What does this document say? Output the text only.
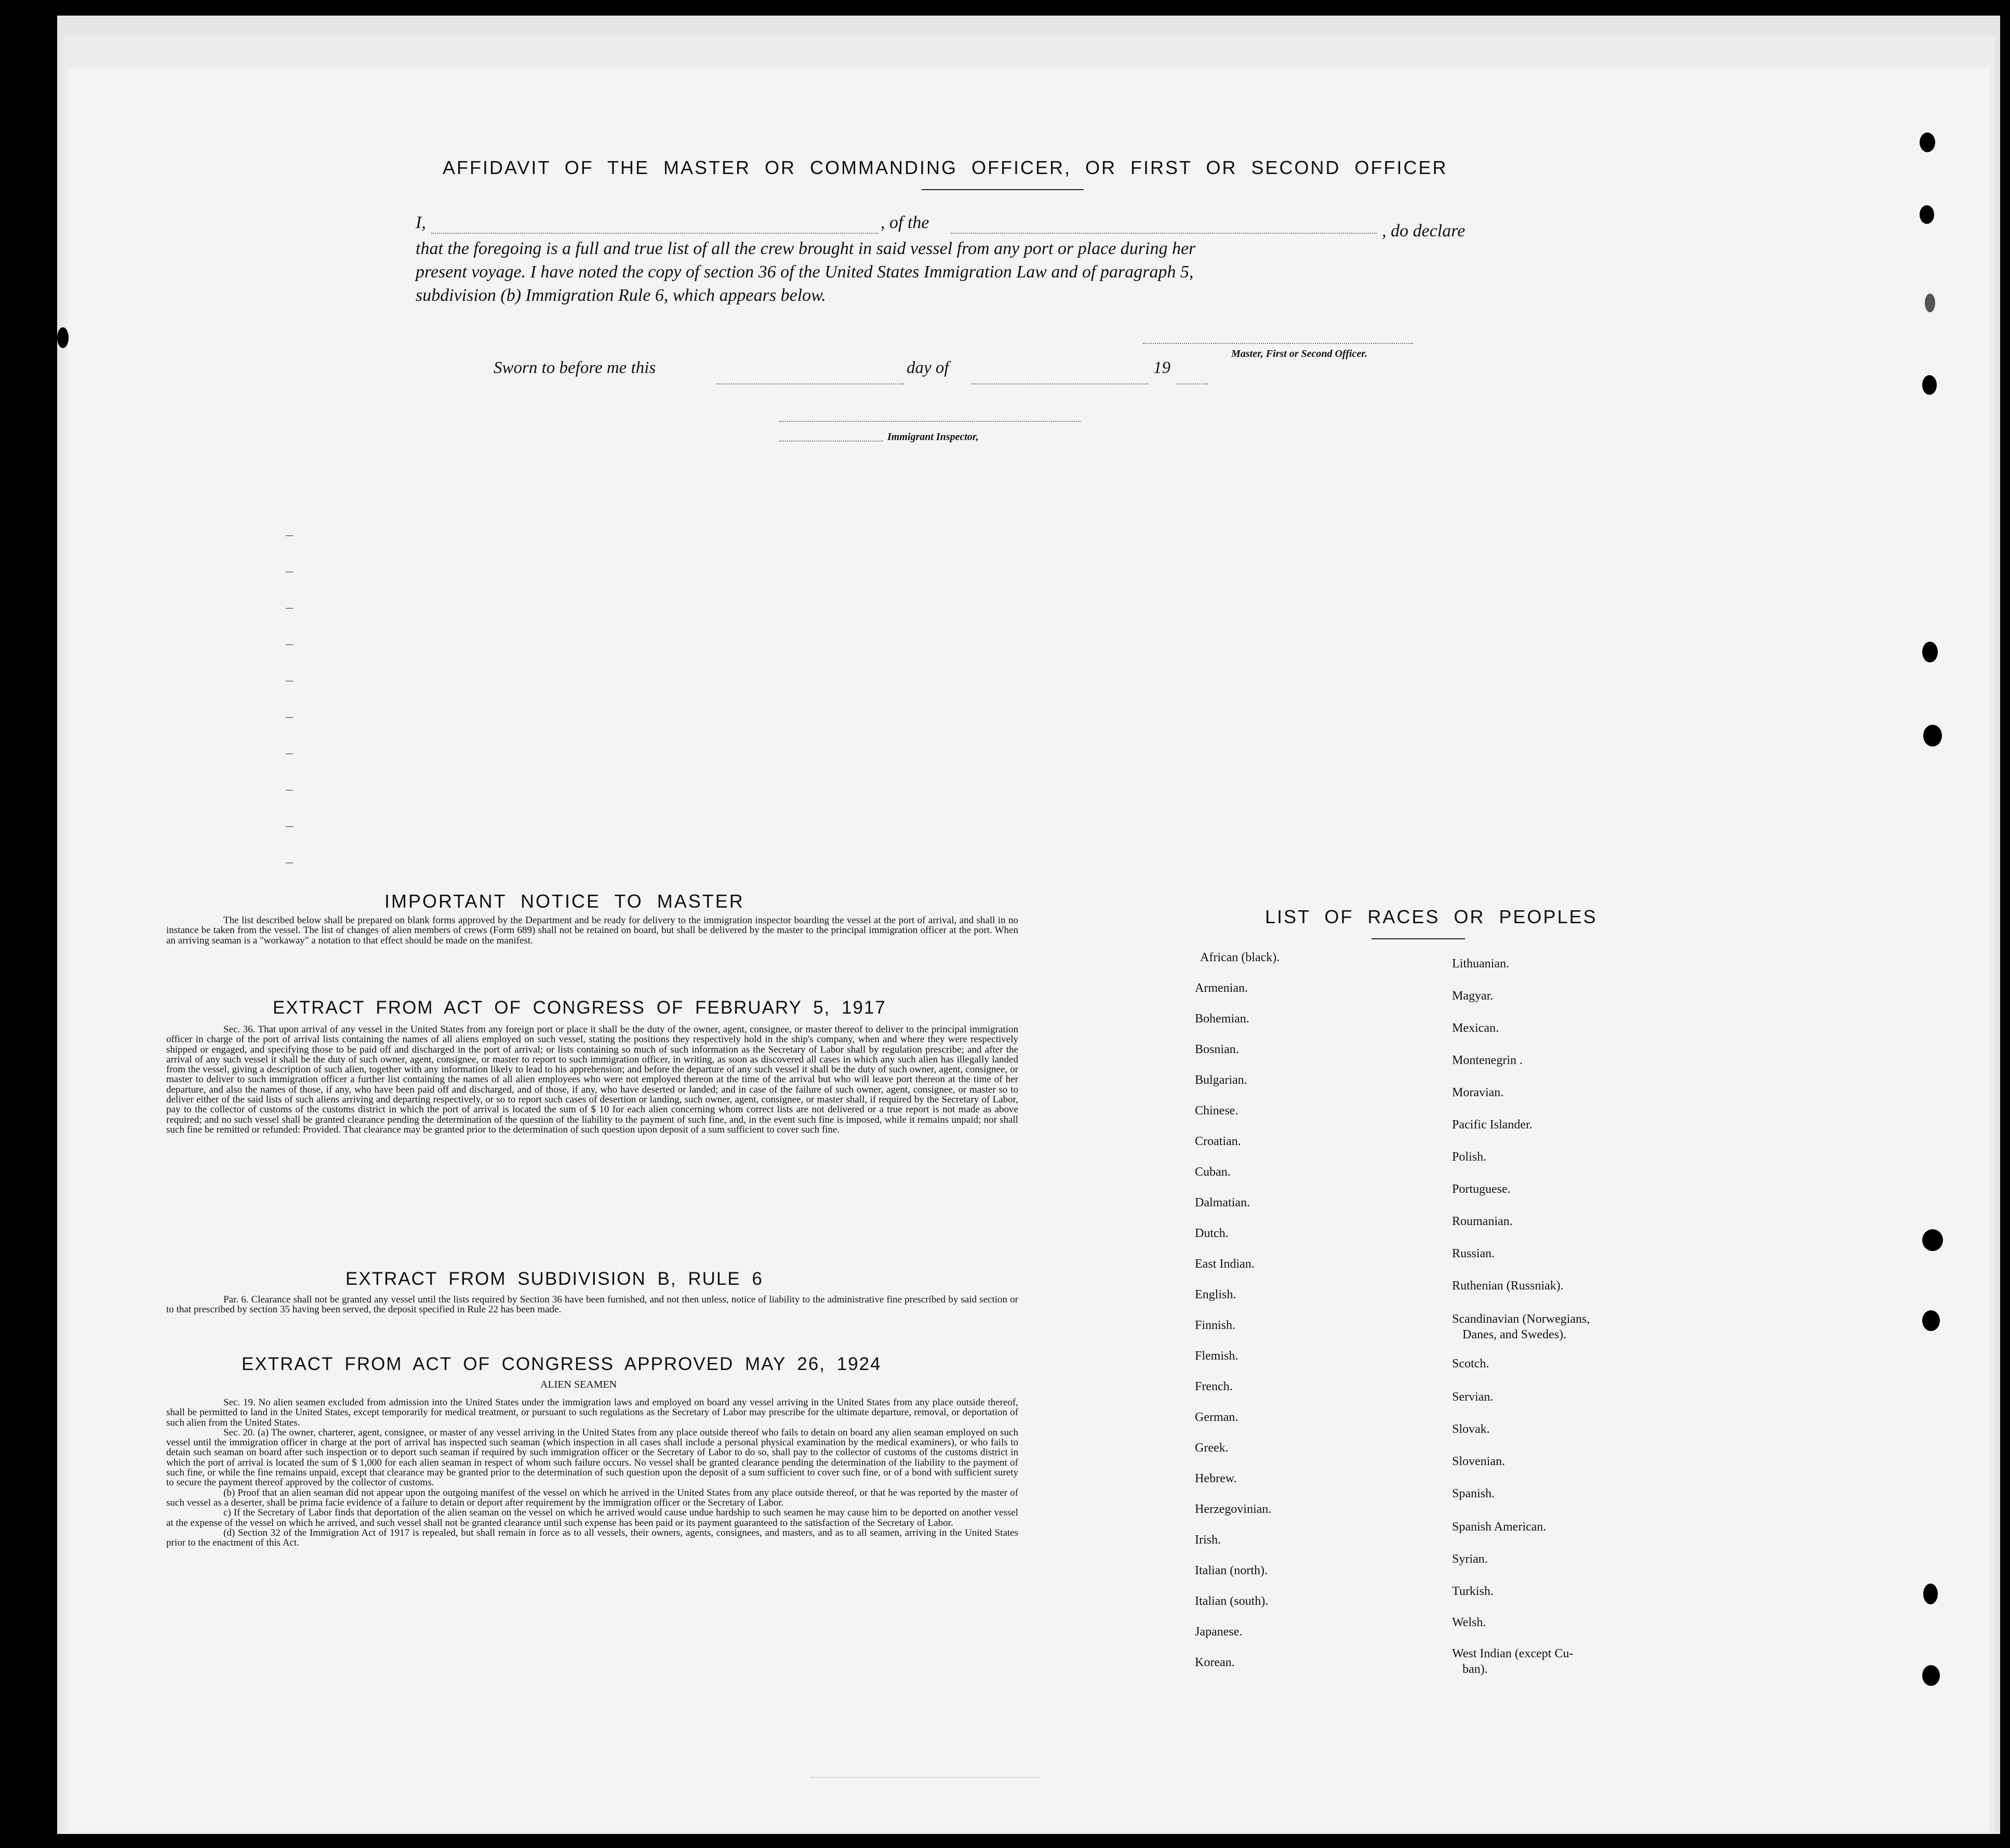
AFFIDAVIT OF THE MASTER OR COMMANDING OFFICER, OR FIRST OR SECOND OFFICER
I,	, of the	, do declare
that the foregoing is a full and true list of all the crew brought in said vessel from any port or place during her
present voyage. I have noted the copy of section 36 of the United States Immigration Law and of paragraph 5,
subdivision (b) Immigration Rule 6, which appears below.
Master, First or Second Officer.
Sworn to before me this	day of	19
Immigrant Inspector,
IMPORTANT NOTICE TO MASTER

The list described below shall be prepared on blank forms approved by the Department and be ready for delivery to the immigration inspector boarding the vessel at the port of arrival, and shall in no instance be taken from the vessel. The list of changes of alien members of crews (Form 689) shall not be retained on board, but shall be delivered by the master to the principal immigration officer at the port. When an arriving seaman is a "workaway" a notation to that effect should be made on the manifest.

EXTRACT FROM ACT OF CONGRESS OF FEBRUARY 5, 1917

Sec. 36. That upon arrival of any vessel in the United States from any foreign port or place it shall be the duty of the owner, agent, consignee, or master thereof to deliver to the principal immigration officer in charge of the port of arrival lists containing the names of all aliens employed on such vessel, stating the positions they respectively hold in the ship's company, when and where they were respectively shipped or engaged, and specifying those to be paid off and discharged in the port of arrival; or lists containing so much of such information as the Secretary of Labor shall by regulation prescribe; and after the arrival of any such vessel it shall be the duty of such owner, agent, consignee, or master to report to such immigration officer, in writing, as soon as discovered all cases in which any such alien has illegally landed from the vessel, giving a description of such alien, together with any information likely to lead to his apprehension; and before the departure of any such vessel it shall be the duty of such owner, agent, consignee, or master to deliver to such immigration officer a further list containing the names of all alien employees who were not employed thereon at the time of the arrival but who will leave port thereon at the time of her departure, and also the names of those, if any, who have been paid off and discharged, and of those, if any, who have deserted or landed; and in case of the failure of such owner, agent, consignee, or master so to deliver either of the said lists of such aliens arriving and departing respectively, or so to report such cases of desertion or landing, such owner, agent, consignee, or master shall, if required by the Secretary of Labor, pay to the collector of customs of the customs district in which the port of arrival is located the sum of $ 10 for each alien concerning whom correct lists are not delivered or a true report is not made as above required; and no such vessel shall be granted clearance pending the determination of the question of the liability to the payment of such fine, and, in the event such fine is imposed, while it remains unpaid; nor shall such fine be remitted or refunded: Provided. That clearance may be granted prior to the determination of such question upon deposit of a sum sufficient to cover such fine.

EXTRACT FROM SUBDIVISION B, RULE 6

Par. 6. Clearance shall not be granted any vessel until the lists required by Section 36 have been furnished, and not then unless, notice of liability to the administrative fine prescribed by said section or to that prescribed by section 35 having been served, the deposit specified in Rule 22 has been made.

EXTRACT FROM ACT OF CONGRESS APPROVED MAY 26, 1924
ALIEN SEAMEN

Sec. 19. No alien seamen excluded from admission into the United States under the immigration laws and employed on board any vessel arriving in the United States from any place outside thereof, shall be permitted to land in the United States, except temporarily for medical treatment, or pursuant to such regulations as the Secretary of Labor may prescribe for the ultimate departure, removal, or deportation of such alien from the United States.

Sec. 20. (a) The owner, charterer, agent, consignee, or master of any vessel arriving in the United States from any place outside thereof who fails to detain on board any alien seaman employed on such vessel until the immigration officer in charge at the port of arrival has inspected such seaman (which inspection in all cases shall include a personal physical examination by the medical examiners), or who fails to detain such seaman on board after such inspection or to deport such seaman if required by such immigration officer or the Secretary of Labor to do so, shall pay to the collector of customs of the customs district in which the port of arrival is located the sum of $ 1,000 for each alien seaman in respect of whom such failure occurs. No vessel shall be granted clearance pending the determination of the liability to the payment of such fine, or while the fine remains unpaid, except that clearance may be granted prior to the determination of such question upon the deposit of a sum sufficient to cover such fine, or of a bond with sufficient surety to secure the payment thereof approved by the collector of customs.

(b) Proof that an alien seaman did not appear upon the outgoing manifest of the vessel on which he arrived in the United States from any place outside thereof, or that he was reported by the master of such vessel as a deserter, shall be prima facie evidence of a failure to detain or deport after requirement by the immigration officer or the Secretary of Labor.

c) If the Secretary of Labor finds that deportation of the alien seaman on the vessel on which he arrived would cause undue hardship to such seamen he may cause him to be deported on another vessel at the expense of the vessel on which he arrived, and such vessel shall not be granted clearance until such expense has been paid or its payment guaranteed to the satisfaction of the Secretary of Labor.

(d) Section 32 of the Immigration Act of 1917 is repealed, but shall remain in force as to all vessels, their owners, agents, consignees, and masters, and as to all seamen, arriving in the United States prior to the enactment of this Act.

LIST OF RACES OR PEOPLES
African (black).
Armenian.
Bohemian.
Bosnian.
Bulgarian.
Chinese.
Croatian.
Cuban.
Dalmatian.
Dutch.
East Indian.
English.
Finnish.
Flemish.
French.
German.
Greek.
Hebrew.
Herzegovinian.
Irish.
Italian (north).
Italian (south).
Japanese.
Korean.
Lithuanian.
Magyar.
Mexican.
Montenegrin .
Moravian.
Pacific Islander.
Polish.
Portuguese.
Roumanian.
Russian.
Ruthenian (Russniak).
Scandinavian (Norwegians,
Danes, and Swedes).
Scotch.
Servian.
Slovak.
Slovenian.
Spanish.
Spanish American.
Syrian.
Turkish.
Welsh.
West Indian (except Cu-
ban).
